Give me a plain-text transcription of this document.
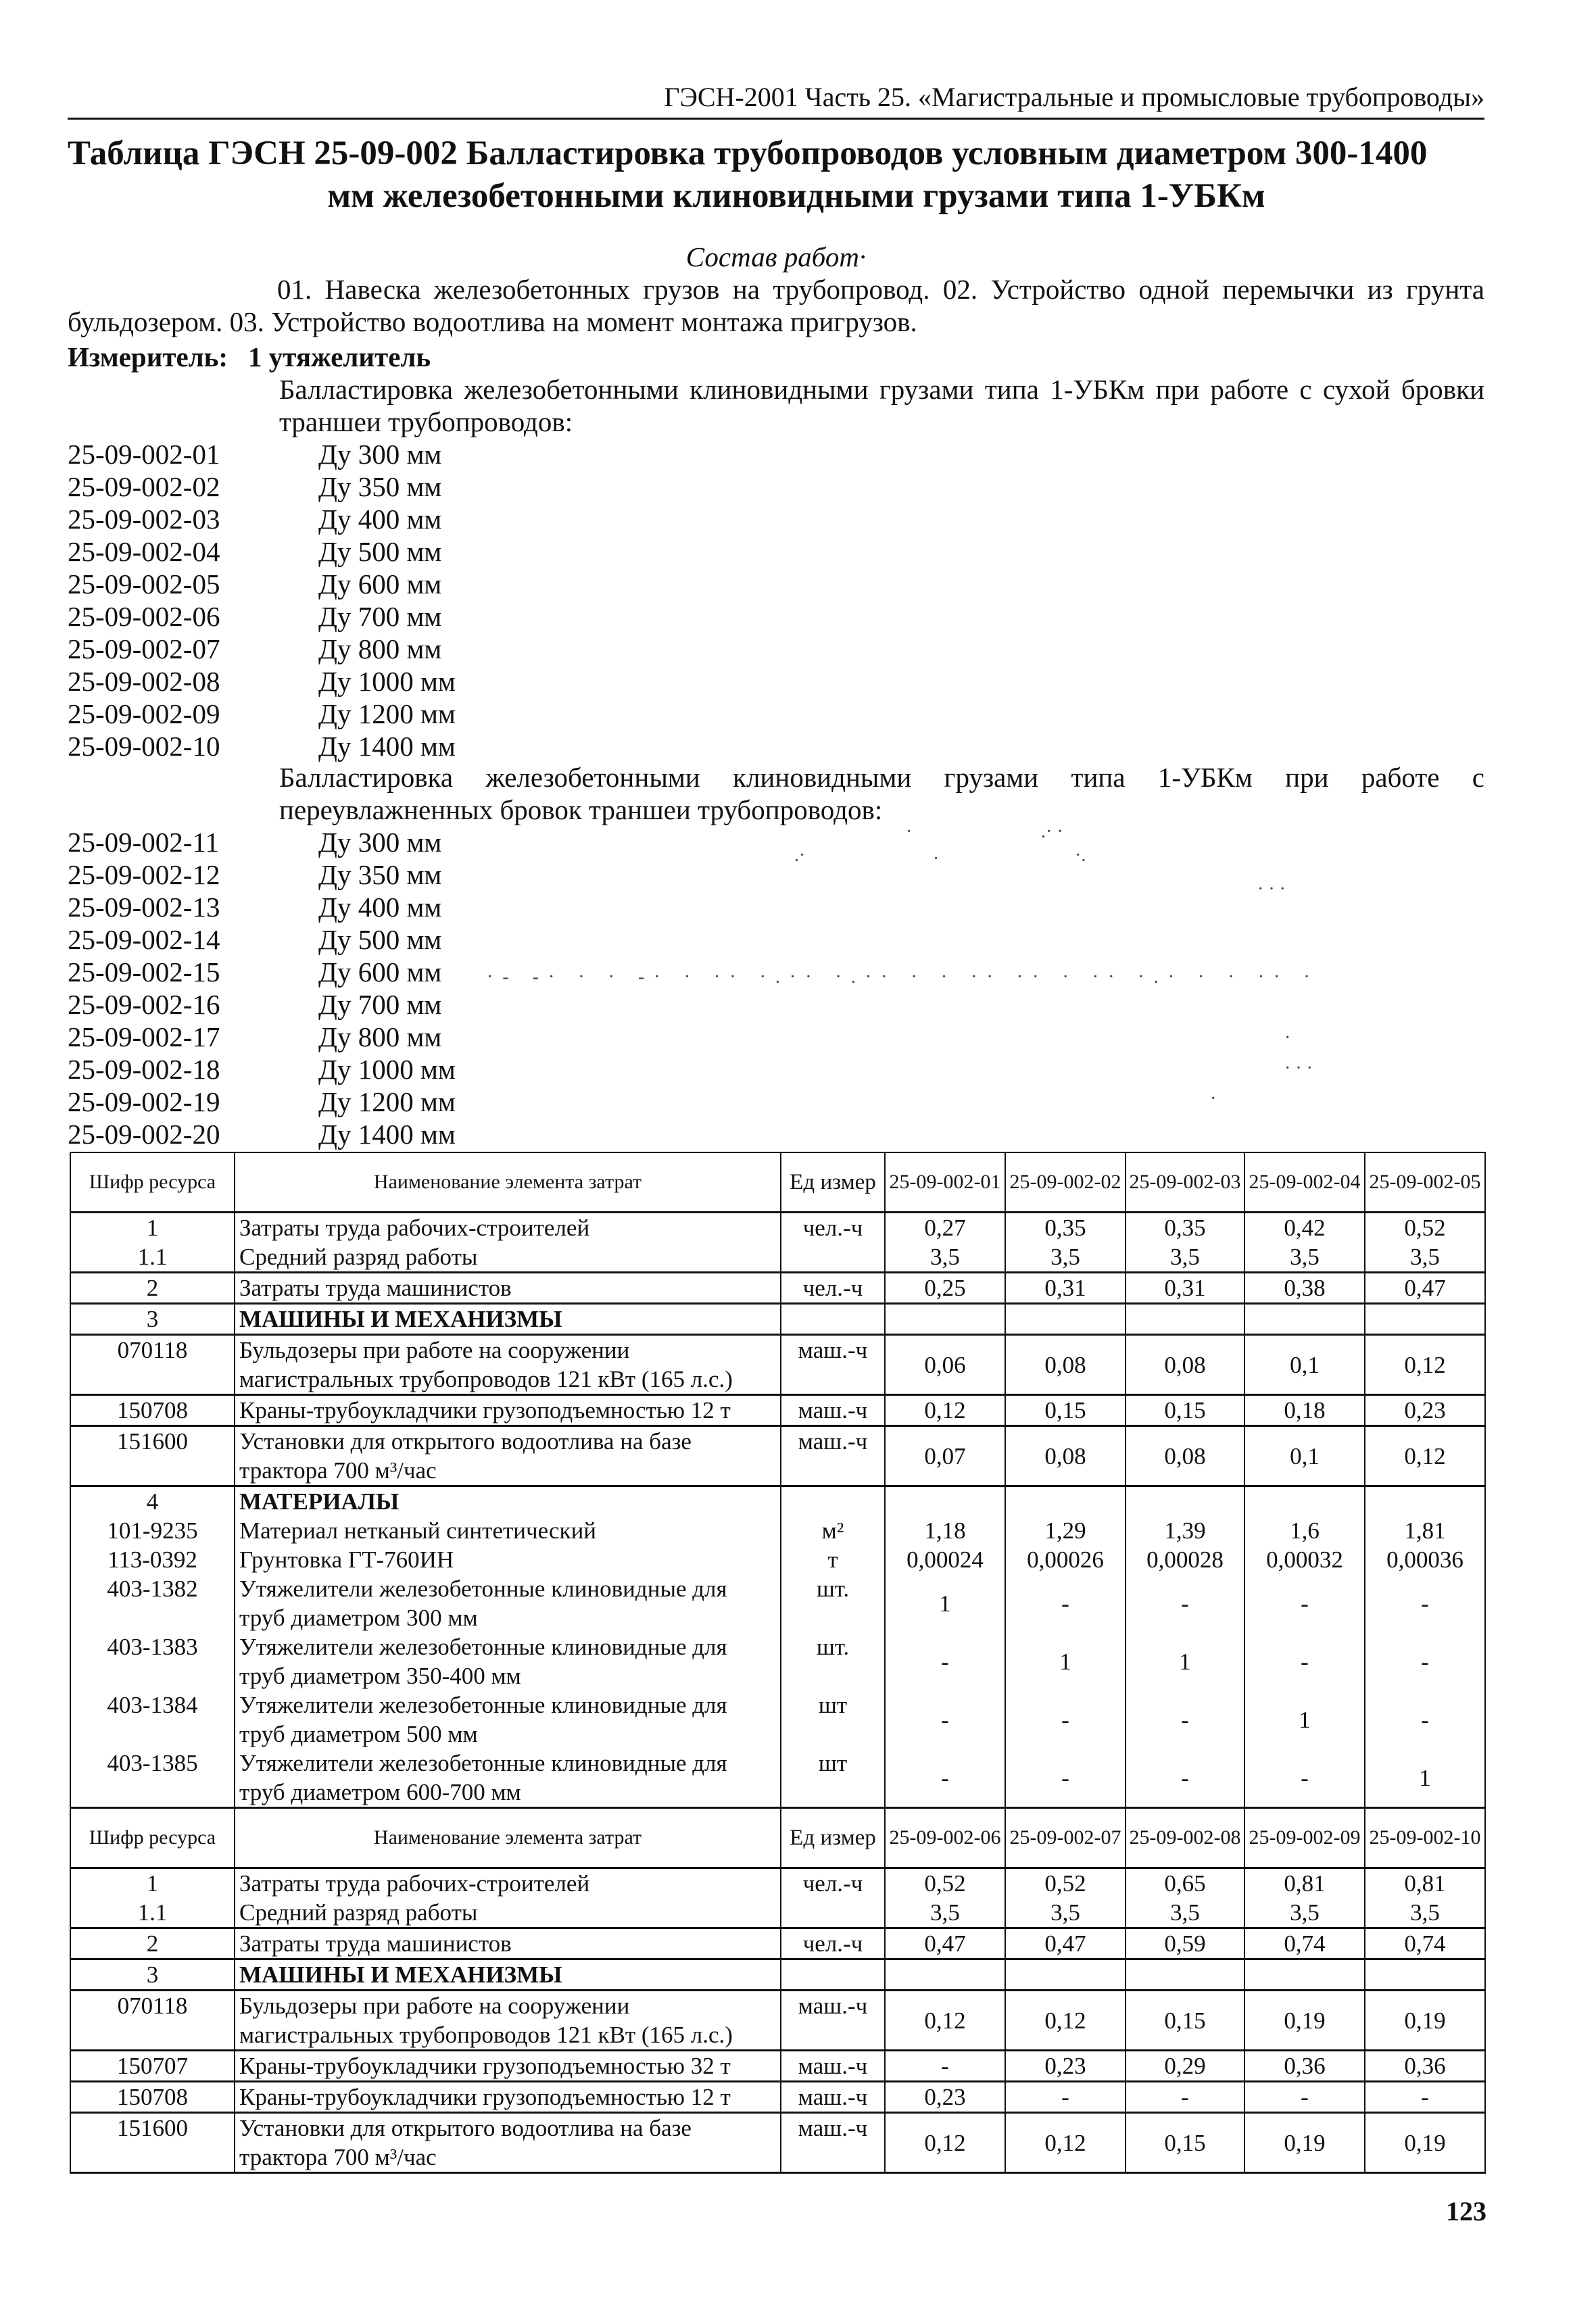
ГЭСН-2001 Часть 25. «Магистральные и промысловые трубопроводы»
Таблица ГЭСН 25-09-002 Балластировка трубопроводов условным диаметром 300-1400
мм железобетонными клиновидными грузами типа 1-УБКм
Состав работ·
01. Навеска железобетонных грузов на трубопровод. 02. Устройство одной перемычки из грунта бульдозером. 03. Устройство водоотлива на момент монтажа пригрузов.
Измеритель: 1 утяжелитель
Балластировка железобетонными клиновидными грузами типа 1-УБКм при работе с сухой бровки траншеи трубопроводов:
25-09-002-01	Ду 300 мм
25-09-002-02	Ду 350 мм
25-09-002-03	Ду 400 мм
25-09-002-04	Ду 500 мм
25-09-002-05	Ду 600 мм
25-09-002-06	Ду 700 мм
25-09-002-07	Ду 800 мм
25-09-002-08	Ду 1000 мм
25-09-002-09	Ду 1200 мм
25-09-002-10	Ду 1400 мм
Балластировка железобетонными клиновидными грузами типа 1-УБКм при работе с переувлажненных бровок траншеи трубопроводов:
25-09-002-11	Ду 300 мм
25-09-002-12	Ду 350 мм
25-09-002-13	Ду 400 мм
25-09-002-14	Ду 500 мм
25-09-002-15	Ду 600 мм
25-09-002-16	Ду 700 мм
25-09-002-17	Ду 800 мм
25-09-002-18	Ду 1000 мм
25-09-002-19	Ду 1200 мм
25-09-002-20	Ду 1400 мм
·	.· ·
.·	·	·.
· · ·
·- -· · · -· · ·· ·.·· ·.·· · · ·· ·· · ·· ·.· · · ·· ·
·
· · ·
·
Шифр ресурса	Наименование элемента затрат	Ед измер	25-09-002-01	25-09-002-02	25-09-002-03	25-09-002-04	25-09-002-05
1	Затраты труда рабочих-строителей	чел.-ч	0,27	0,35	0,35	0,42	0,52
1.1	Средний разряд работы		3,5	3,5	3,5	3,5	3,5
2	Затраты труда машинистов	чел.-ч	0,25	0,31	0,31	0,38	0,47
3	МАШИНЫ И МЕХАНИЗМЫ						
070118	Бульдозеры при работе на сооружении магистральных трубопроводов 121 кВт (165 л.с.)	маш.-ч	0,06	0,08	0,08	0,1	0,12
150708	Краны-трубоукладчики грузоподъемностью 12 т	маш.-ч	0,12	0,15	0,15	0,18	0,23
151600	Установки для открытого водоотлива на базе трактора 700 м³/час	маш.-ч	0,07	0,08	0,08	0,1	0,12
4	МАТЕРИАЛЫ						
101-9235	Материал нетканый синтетический	м²	1,18	1,29	1,39	1,6	1,81
113-0392	Грунтовка ГТ-760ИН	т	0,00024	0,00026	0,00028	0,00032	0,00036
403-1382	Утяжелители железобетонные клиновидные для труб диаметром 300 мм	шт.	1	-	-	-	-
403-1383	Утяжелители железобетонные клиновидные для труб диаметром 350-400 мм	шт.	-	1	1	-	-
403-1384	Утяжелители железобетонные клиновидные для труб диаметром 500 мм	шт	-	-	-	1	-
403-1385	Утяжелители железобетонные клиновидные для труб диаметром 600-700 мм	шт	-	-	-	-	1
Шифр ресурса	Наименование элемента затрат	Ед измер	25-09-002-06	25-09-002-07	25-09-002-08	25-09-002-09	25-09-002-10
1	Затраты труда рабочих-строителей	чел.-ч	0,52	0,52	0,65	0,81	0,81
1.1	Средний разряд работы		3,5	3,5	3,5	3,5	3,5
2	Затраты труда машинистов	чел.-ч	0,47	0,47	0,59	0,74	0,74
3	МАШИНЫ И МЕХАНИЗМЫ						
070118	Бульдозеры при работе на сооружении магистральных трубопроводов 121 кВт (165 л.с.)	маш.-ч	0,12	0,12	0,15	0,19	0,19
150707	Краны-трубоукладчики грузоподъемностью 32 т	маш.-ч	-	0,23	0,29	0,36	0,36
150708	Краны-трубоукладчики грузоподъемностью 12 т	маш.-ч	0,23	-	-	-	-
151600	Установки для открытого водоотлива на базе трактора 700 м³/час	маш.-ч	0,12	0,12	0,15	0,19	0,19
123
